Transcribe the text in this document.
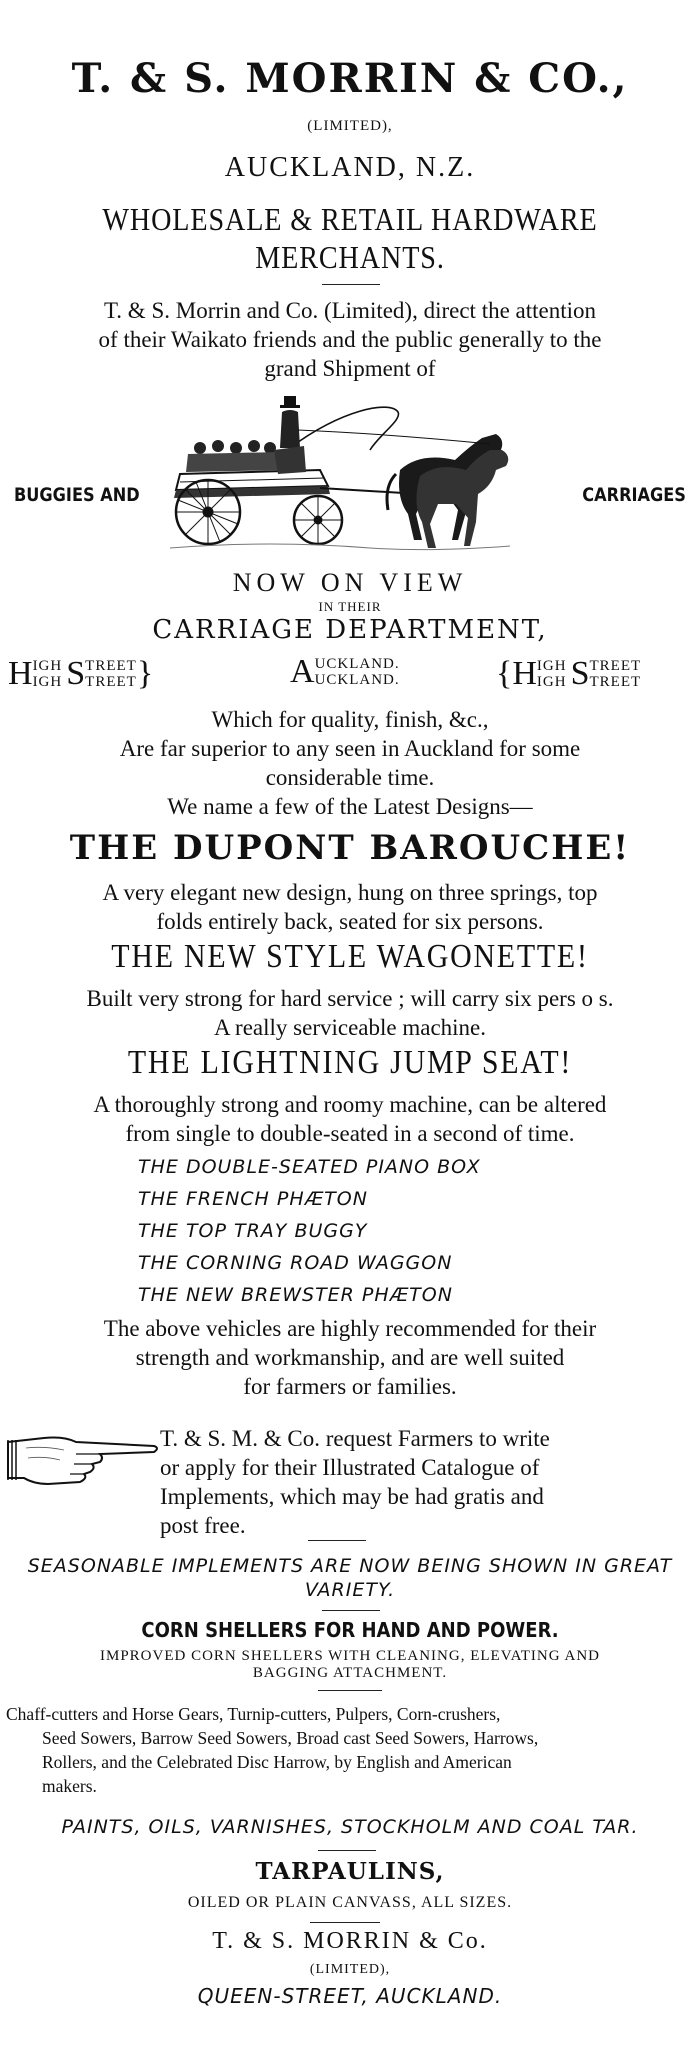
T. & S. MORRIN & CO.,
(LIMITED),
AUCKLAND, N.Z.
WHOLESALE & RETAIL HARDWARE
MERCHANTS.
T. & S. Morrin and Co. (Limited), direct the attention
of their Waikato friends and the public generally to the
grand Shipment of
BUGGIES AND	CARRIAGES
NOW ON VIEW
IN THEIR
CARRIAGE DEPARTMENT,
HIGH
IGH STREET
TREET}	AUCKLAND.
UCKLAND.	{HIGH
IGH STREET
TREET
Which for quality, finish, &c.,
Are far superior to any seen in Auckland for some
considerable time.
We name a few of the Latest Designs—
THE DUPONT BAROUCHE!
A very elegant new design, hung on three springs, top
folds entirely back, seated for six persons.
THE NEW STYLE WAGONETTE!
Built very strong for hard service ; will carry six pers o s.
A really serviceable machine.
THE LIGHTNING JUMP SEAT!
A thoroughly strong and roomy machine, can be altered
from single to double-seated in a second of time.
THE DOUBLE-SEATED PIANO BOX
THE FRENCH PHÆTON
THE TOP TRAY BUGGY
THE CORNING ROAD WAGGON
THE NEW BREWSTER PHÆTON
The above vehicles are highly recommended for their
strength and workmanship, and are well suited
for farmers or families.
T. & S. M. & Co. request Farmers to write
or apply for their Illustrated Catalogue of
Implements, which may be had gratis and
post free.
SEASONABLE IMPLEMENTS ARE NOW BEING SHOWN IN GREAT
VARIETY.
CORN SHELLERS FOR HAND AND POWER.
IMPROVED CORN SHELLERS WITH CLEANING, ELEVATING AND
BAGGING ATTACHMENT.
Chaff-cutters and Horse Gears, Turnip-cutters, Pulpers, Corn-crushers,
Seed Sowers, Barrow Seed Sowers, Broad cast Seed Sowers, Harrows,
Rollers, and the Celebrated Disc Harrow, by English and American
makers.
PAINTS, OILS, VARNISHES, STOCKHOLM AND COAL TAR.
TARPAULINS,
OILED OR PLAIN CANVASS, ALL SIZES.
T. & S. MORRIN & Co.
(LIMITED),
QUEEN-STREET, AUCKLAND.
